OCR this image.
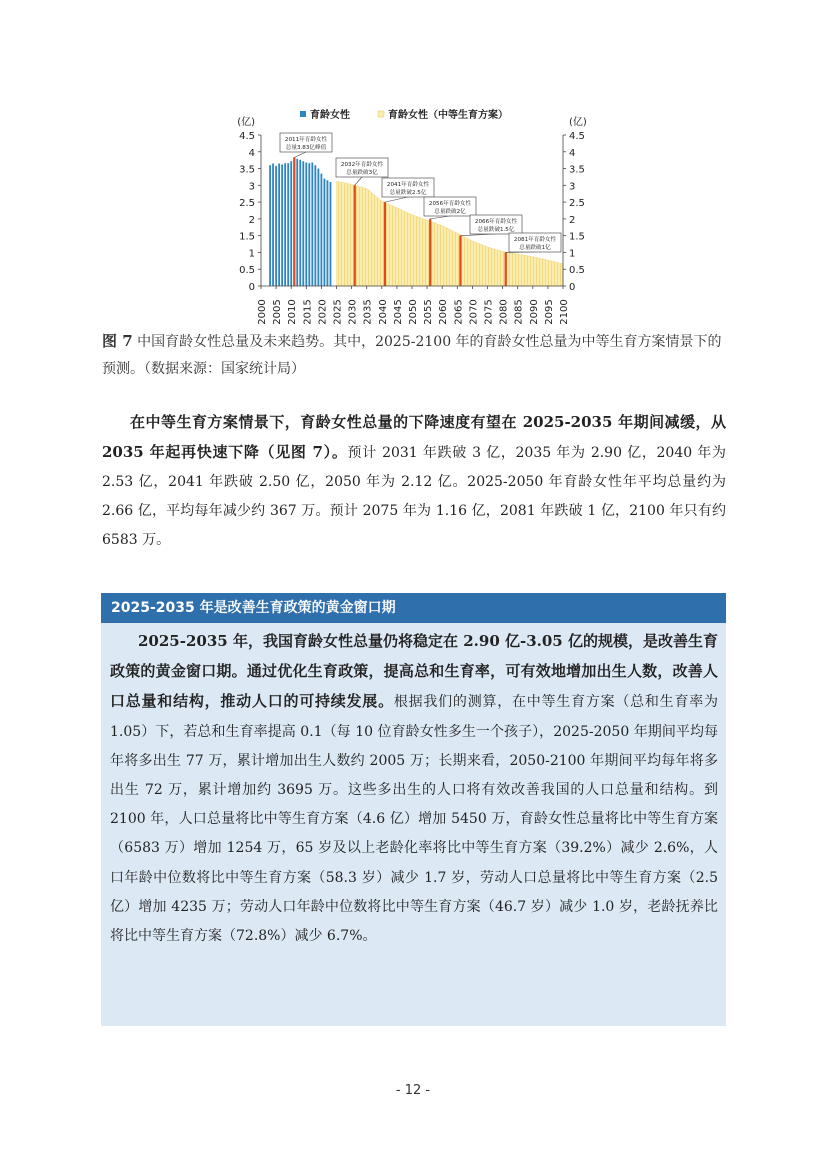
0	0
0.5	0.5
1	1
1.5	1.5
2	2
2.5	2.5
3	3
3.5	3.5
4	4
4.5	4.5
(亿)	(亿)
2000 2005 2010 2015 2020 2025 2030 2035 2040 2045 2050 2055 2060 2065 2070 2075 2080 2085 2090 2095 2100
育龄女性	育龄女性（中等生育方案）
2011年育龄女性
总量3.83亿峰值
2032年育龄女性
总量跌破3亿
2041年育龄女性
总量跌破2.5亿
2056年育龄女性
总量跌破2亿
2066年育龄女性
总量跌破1.5亿
2081年育龄女性
总量跌破1亿
图 7 中国育龄女性总量及未来趋势。其中，2025-2100 年的育龄女性总量为中等生育方案情景下的预测。（数据来源：国家统计局）
在中等生育方案情景下，育龄女性总量的下降速度有望在 2025-2035 年期间减缓，从 2035 年起再快速下降（见图 7）。预计 2031 年跌破 3 亿，2035 年为 2.90 亿，2040 年为 2.53 亿，2041 年跌破 2.50 亿，2050 年为 2.12 亿。2025-2050 年育龄女性年平均总量约为 2.66 亿，平均每年减少约 367 万。预计 2075 年为 1.16 亿，2081 年跌破 1 亿，2100 年只有约 6583 万。
2025-2035 年是改善生育政策的黄金窗口期
2025-2035 年，我国育龄女性总量仍将稳定在 2.90 亿-3.05 亿的规模，是改善生育政策的黄金窗口期。通过优化生育政策，提高总和生育率，可有效地增加出生人数，改善人口总量和结构，推动人口的可持续发展。根据我们的测算，在中等生育方案（总和生育率为 1.05）下，若总和生育率提高 0.1（每 10 位育龄女性多生一个孩子），2025-2050 年期间平均每年将多出生 77 万，累计增加出生人数约 2005 万；长期来看，2050-2100 年期间平均每年将多出生 72 万，累计增加约 3695 万。这些多出生的人口将有效改善我国的人口总量和结构。到 2100 年，人口总量将比中等生育方案（4.6 亿）增加 5450 万，育龄女性总量将比中等生育方案（6583 万）增加 1254 万，65 岁及以上老龄化率将比中等生育方案（39.2%）减少 2.6%，人口年龄中位数将比中等生育方案（58.3 岁）减少 1.7 岁，劳动人口总量将比中等生育方案（2.5 亿）增加 4235 万；劳动人口年龄中位数将比中等生育方案（46.7 岁）减少 1.0 岁，老龄抚养比将比中等生育方案（72.8%）减少 6.7%。
- 12 -
